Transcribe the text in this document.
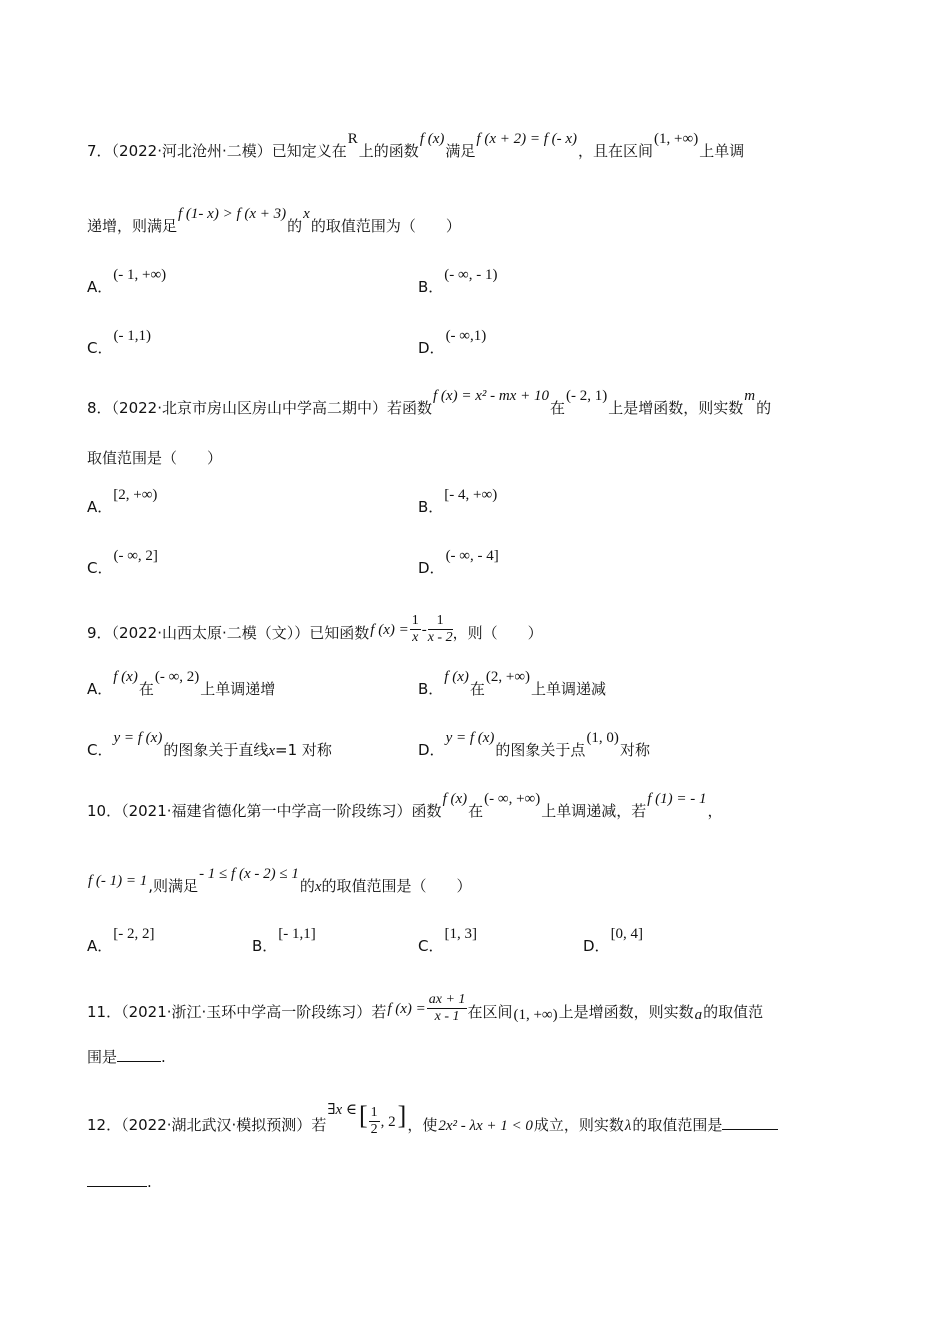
7．（2022·河北沧州·二模）已知定义在R上的函数f (x)满足f (x + 2) = f (- x)，且在区间(1, +∞)上单调
递增，则满足f (1- x) > f (x + 3)的x的取值范围为（ ）
A．(- 1, +∞)
B．(- ∞, - 1)
C．(- 1,1)
D．(- ∞,1)
8．（2022·北京市房山区房山中学高二期中）若函数f (x) = x² - mx + 10在(- 2, 1)上是增函数，则实数m的
取值范围是（ ）
A．[2, +∞)
B．[- 4, +∞)
C．(- ∞, 2]
D．(- ∞, - 4]
9．（2022·山西太原·二模（文））已知函数f $(x) = \frac{1}{x} - \frac{1}{x - 2}$ ，则（ ）
A．f (x)在(- ∞, 2)上单调递增	B．f (x)在(2, +∞)上单调递减
C．y = f (x)的图象关于直线x=1 对称	D．y = f (x)的图象关于点(1, 0)对称
10．（2021·福建省德化第一中学高一阶段练习）函数f (x)在(- ∞, +∞)上单调递减，若f (1) = - 1，
f (- 1) = 1,则满足- 1 ≤ f (x - 2) ≤ 1的x的取值范围是（ ）
A．[- 2, 2]
B．[- 1,1]
C．[1, 3]
D．[0, 4]
11．（2021·浙江·玉环中学高一阶段练习）若f $(x) = \frac{ax + 1}{x - 1}$ 在区间(1, +∞)上是增函数，则实数a的取值范
围是	.
12．（2022·湖北武汉·模拟预测）若∃x ∈[ $\frac{1}{2}$ , 2]，使2x² - λx + 1 < 0成立，则实数λ的取值范围是
.
